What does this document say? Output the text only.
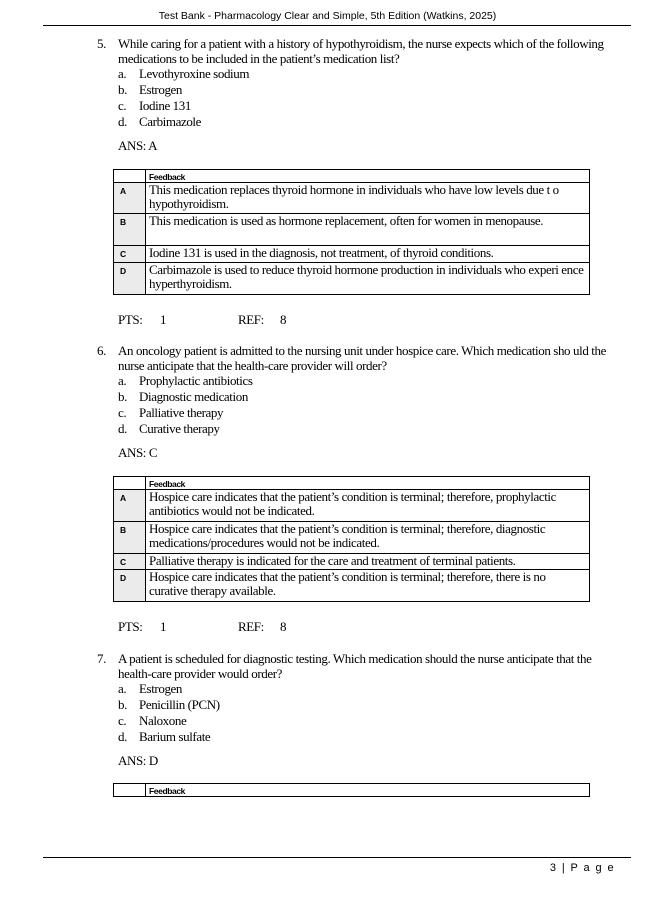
Test Bank - Pharmacology Clear and Simple, 5th Edition (Watkins, 2025)
5. While caring for a patient with a history of hypothyroidism, the nurse expects which of the following medications to be included in the patient’s medication list?
a. Levothyroxine sodium
b. Estrogen
c. Iodine 131
d. Carbimazole
ANS: A
	Feedback
A	This medication replaces thyroid hormone in individuals who have low levels due t o hypothyroidism.
B	This medication is used as hormone replacement, often for women in menopause.
C	Iodine 131 is used in the diagnosis, not treatment, of thyroid conditions.
D	Carbimazole is used to reduce thyroid hormone production in individuals who experi ence hyperthyroidism.
PTS: 1	REF: 8
6. An oncology patient is admitted to the nursing unit under hospice care. Which medication sho uld the nurse anticipate that the health-care provider will order?
a. Prophylactic antibiotics
b. Diagnostic medication
c. Palliative therapy
d. Curative therapy
ANS: C
	Feedback
A	Hospice care indicates that the patient’s condition is terminal; therefore, prophylactic antibiotics would not be indicated.
B	Hospice care indicates that the patient’s condition is terminal; therefore, diagnostic medications/procedures would not be indicated.
C	Palliative therapy is indicated for the care and treatment of terminal patients.
D	Hospice care indicates that the patient’s condition is terminal; therefore, there is no curative therapy available.
PTS: 1	REF: 8
7. A patient is scheduled for diagnostic testing. Which medication should the nurse anticipate that the health-care provider would order?
a. Estrogen
b. Penicillin (PCN)
c. Naloxone
d. Barium sulfate
ANS: D
	Feedback
3 | P a g e
